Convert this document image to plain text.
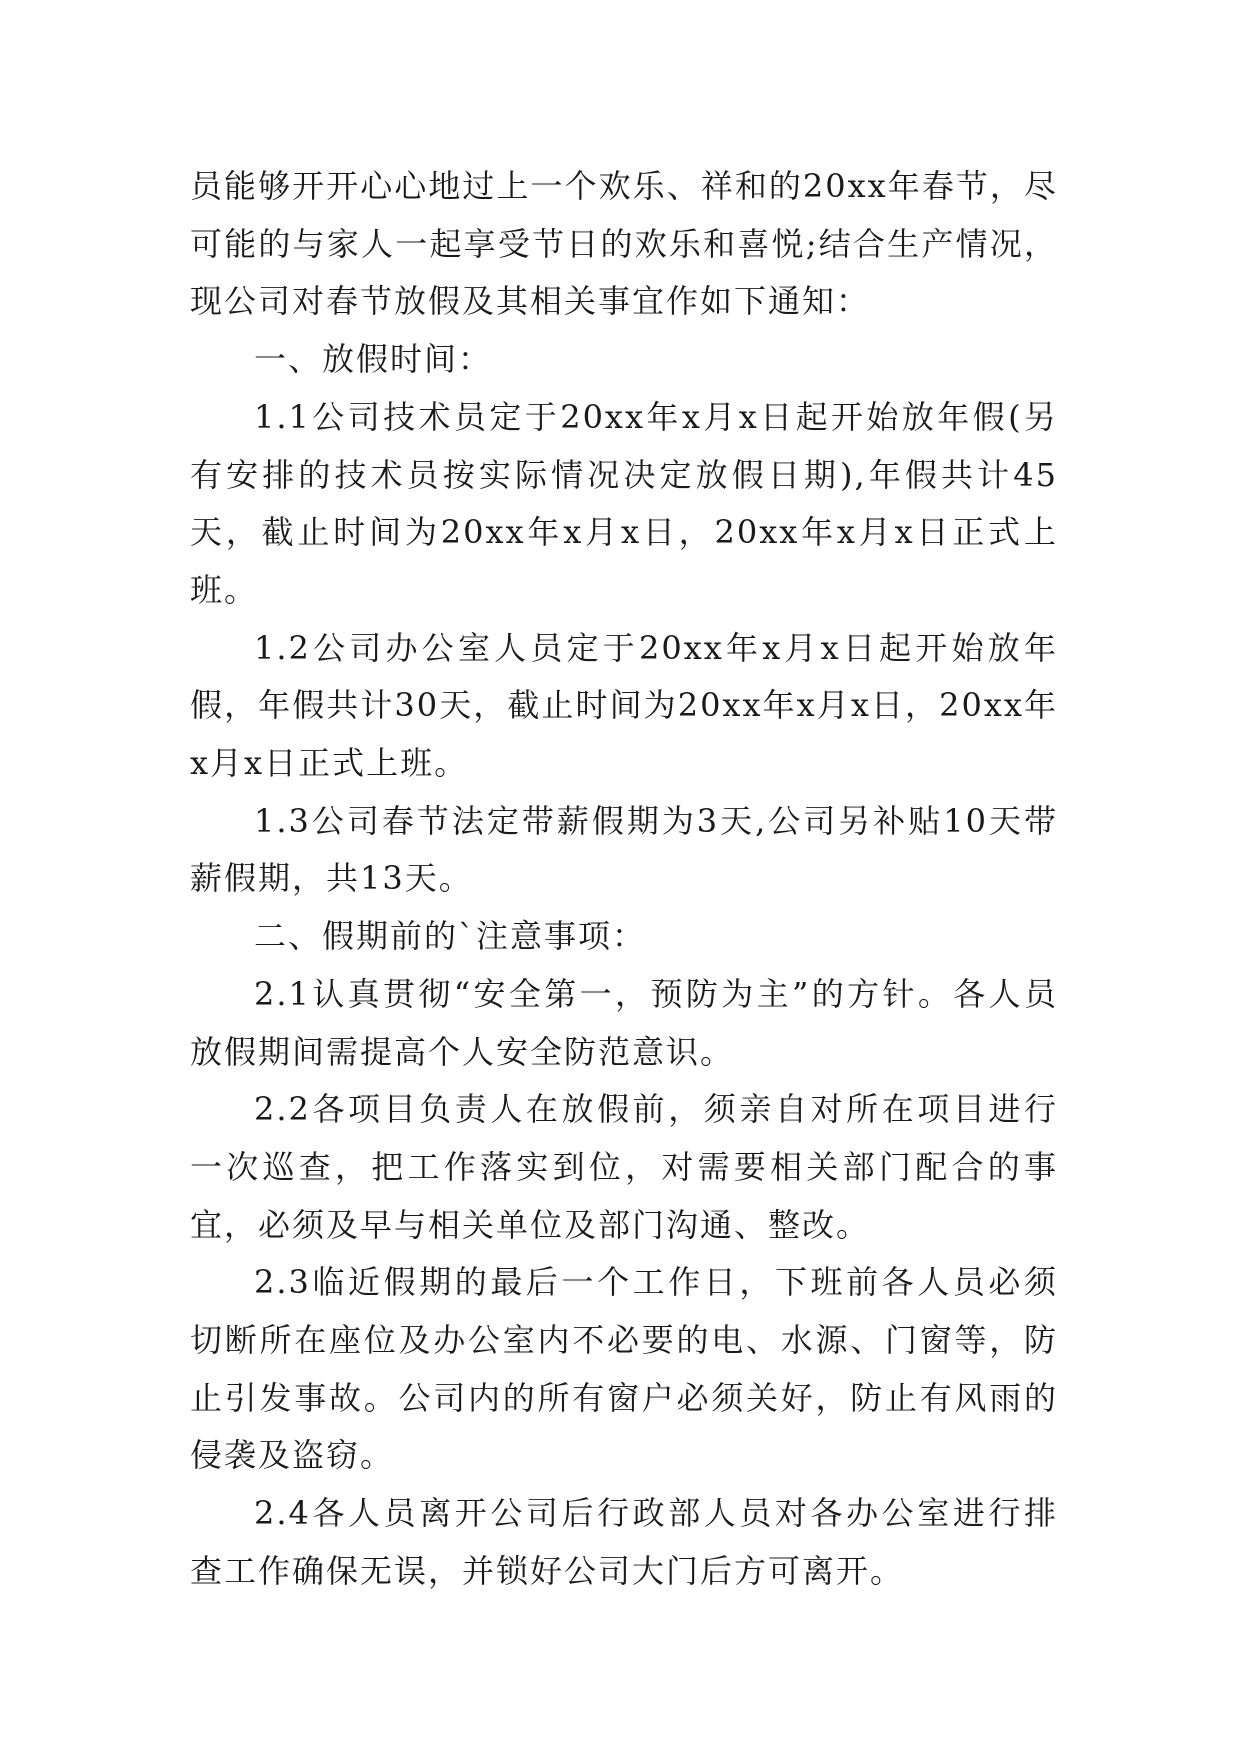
员能够开开心心地过上一个欢乐、祥和的20xx年春节，尽可能的与家人一起享受节日的欢乐和喜悦;结合生产情况，现公司对春节放假及其相关事宜作如下通知：

一、放假时间：

1.1公司技术员定于20xx年x月x日起开始放年假(另有安排的技术员按实际情况决定放假日期),年假共计45天，截止时间为20xx年x月x日，20xx年x月x日正式上班。

1.2公司办公室人员定于20xx年x月x日起开始放年假，年假共计30天，截止时间为20xx年x月x日，20xx年x月x日正式上班。

1.3公司春节法定带薪假期为3天,公司另补贴10天带薪假期，共13天。

二、假期前的`注意事项：

2.1认真贯彻“安全第一，预防为主”的方针。各人员放假期间需提高个人安全防范意识。

2.2各项目负责人在放假前，须亲自对所在项目进行一次巡查，把工作落实到位，对需要相关部门配合的事宜，必须及早与相关单位及部门沟通、整改。

2.3临近假期的最后一个工作日，下班前各人员必须切断所在座位及办公室内不必要的电、水源、门窗等，防止引发事故。公司内的所有窗户必须关好，防止有风雨的侵袭及盗窃。

2.4各人员离开公司后行政部人员对各办公室进行排查工作确保无误，并锁好公司大门后方可离开。
